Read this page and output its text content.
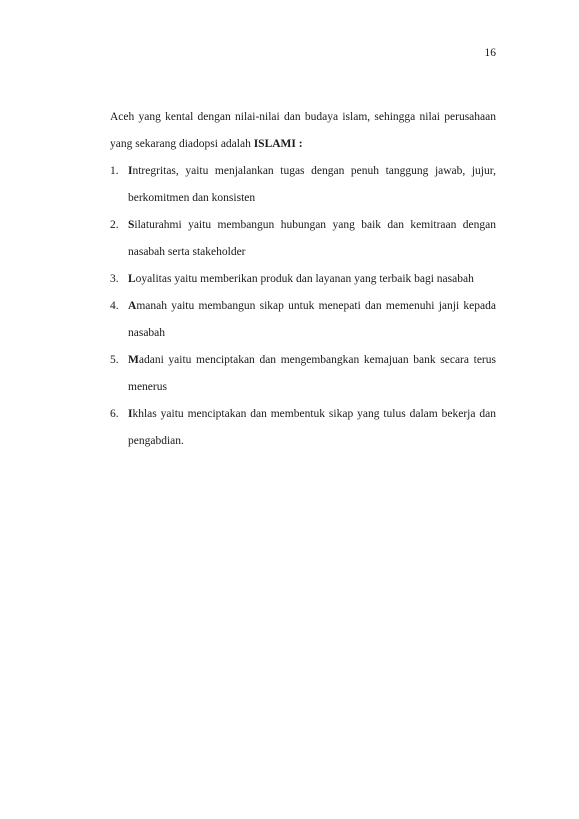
16

Aceh yang kental dengan nilai-nilai dan budaya islam, sehingga nilai perusahaan
yang sekarang diadopsi adalah ISLAMI :

1. Intregritas, yaitu menjalankan tugas dengan penuh tanggung jawab, jujur, berkomitmen dan konsisten
2. Silaturahmi yaitu membangun hubungan yang baik dan kemitraan dengan nasabah serta stakeholder
3. Loyalitas yaitu memberikan produk dan layanan yang terbaik bagi nasabah
4. Amanah yaitu membangun sikap untuk menepati dan memenuhi janji kepada nasabah
5. Madani yaitu menciptakan dan mengembangkan kemajuan bank secara terus menerus
6. Ikhlas yaitu menciptakan dan membentuk sikap yang tulus dalam bekerja dan pengabdian.
